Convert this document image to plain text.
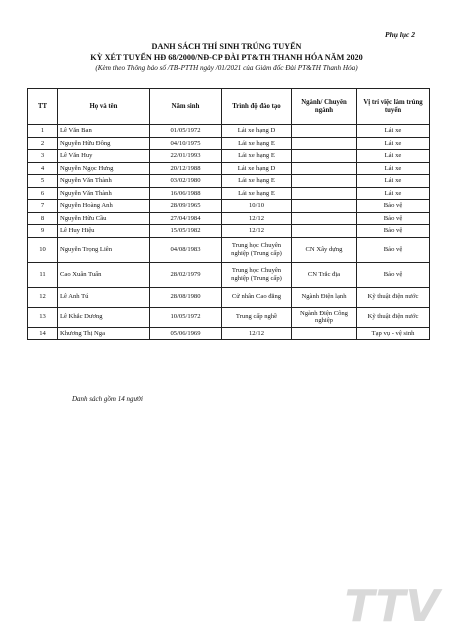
Phụ lục 2
DANH SÁCH THÍ SINH TRÚNG TUYỂN
KỲ XÉT TUYỂN HĐ 68/2000/NĐ-CP ĐÀI PT&TH THANH HÓA NĂM 2020
(Kèm theo Thông báo số /TB-PTTH ngày /01/2021 của Giám đốc Đài PT&TH Thanh Hóa)
TT	Họ và tên	Năm sinh	Trình độ đào tạo	Ngành/ Chuyên ngành	Vị trí việc làm trúng tuyển
1	Lê Văn Ban	01/05/1972	Lái xe hạng D		Lái xe
2	Nguyễn Hữu Đông	04/10/1975	Lái xe hạng E		Lái xe
3	Lê Văn Huy	22/01/1993	Lái xe hạng E		Lái xe
4	Nguyễn Ngọc Hưng	20/12/1988	Lái xe hạng D		Lái xe
5	Nguyễn Văn Thành	03/02/1980	Lái xe hạng E		Lái xe
6	Nguyễn Văn Thành	16/06/1988	Lái xe hạng E		Lái xe
7	Nguyễn Hoàng Anh	28/09/1965	10/10		Bảo vệ
8	Nguyễn Hữu Cầu	27/04/1984	12/12		Bảo vệ
9	Lê Huy Hiệu	15/05/1982	12/12		Bảo vệ
10	Nguyễn Trọng Liên	04/08/1983	Trung học Chuyên nghiệp (Trung cấp)	CN Xây dựng	Bảo vệ
11	Cao Xuân Tuấn	28/02/1979	Trung học Chuyên nghiệp (Trung cấp)	CN Trắc địa	Bảo vệ
12	Lê Anh Tú	28/08/1980	Cử nhân Cao đẳng	Ngành Điện lạnh	Kỹ thuật điện nước
13	Lê Khắc Dương	10/05/1972	Trung cấp nghề	Ngành Điện Công nghiệp	Kỹ thuật điện nước
14	Khương Thị Nga	05/06/1969	12/12		Tạp vụ - vệ sinh
Danh sách gồm 14 người
TTV
